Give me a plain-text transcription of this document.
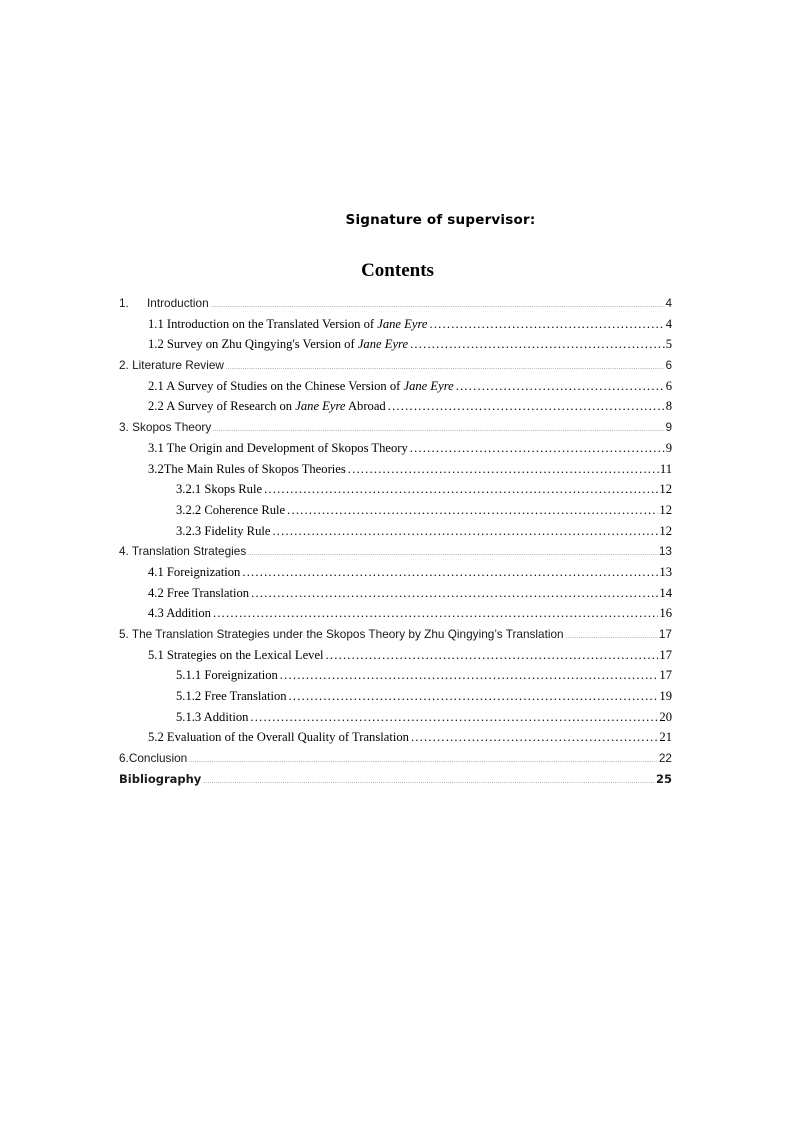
Signature of supervisor:
Contents
1. Introduction .....	4
1.1 Introduction on the Translated Version of Jane Eyre .....	4
1.2 Survey on Zhu Qingying's Version of Jane Eyre .....	5
2. Literature Review .....	6
2.1 A Survey of Studies on the Chinese Version of Jane Eyre .....	6
2.2 A Survey of Research on Jane Eyre Abroad .....	8
3. Skopos Theory .....	9
3.1 The Origin and Development of Skopos Theory .....	9
3.2The Main Rules of Skopos Theories .....	11
3.2.1 Skops Rule .....	12
3.2.2 Coherence Rule .....	12
3.2.3 Fidelity Rule .....	12
4. Translation Strategies .....	13
4.1 Foreignization .....	13
4.2 Free Translation .....	14
4.3 Addition .....	16
5. The Translation Strategies under the Skopos Theory by Zhu Qingying’s Translation .....	17
5.1 Strategies on the Lexical Level .....	17
5.1.1 Foreignization .....	17
5.1.2 Free Translation .....	19
5.1.3 Addition .....	20
5.2 Evaluation of the Overall Quality of Translation .....	21
6.Conclusion .....	22
Bibliography .....	25
